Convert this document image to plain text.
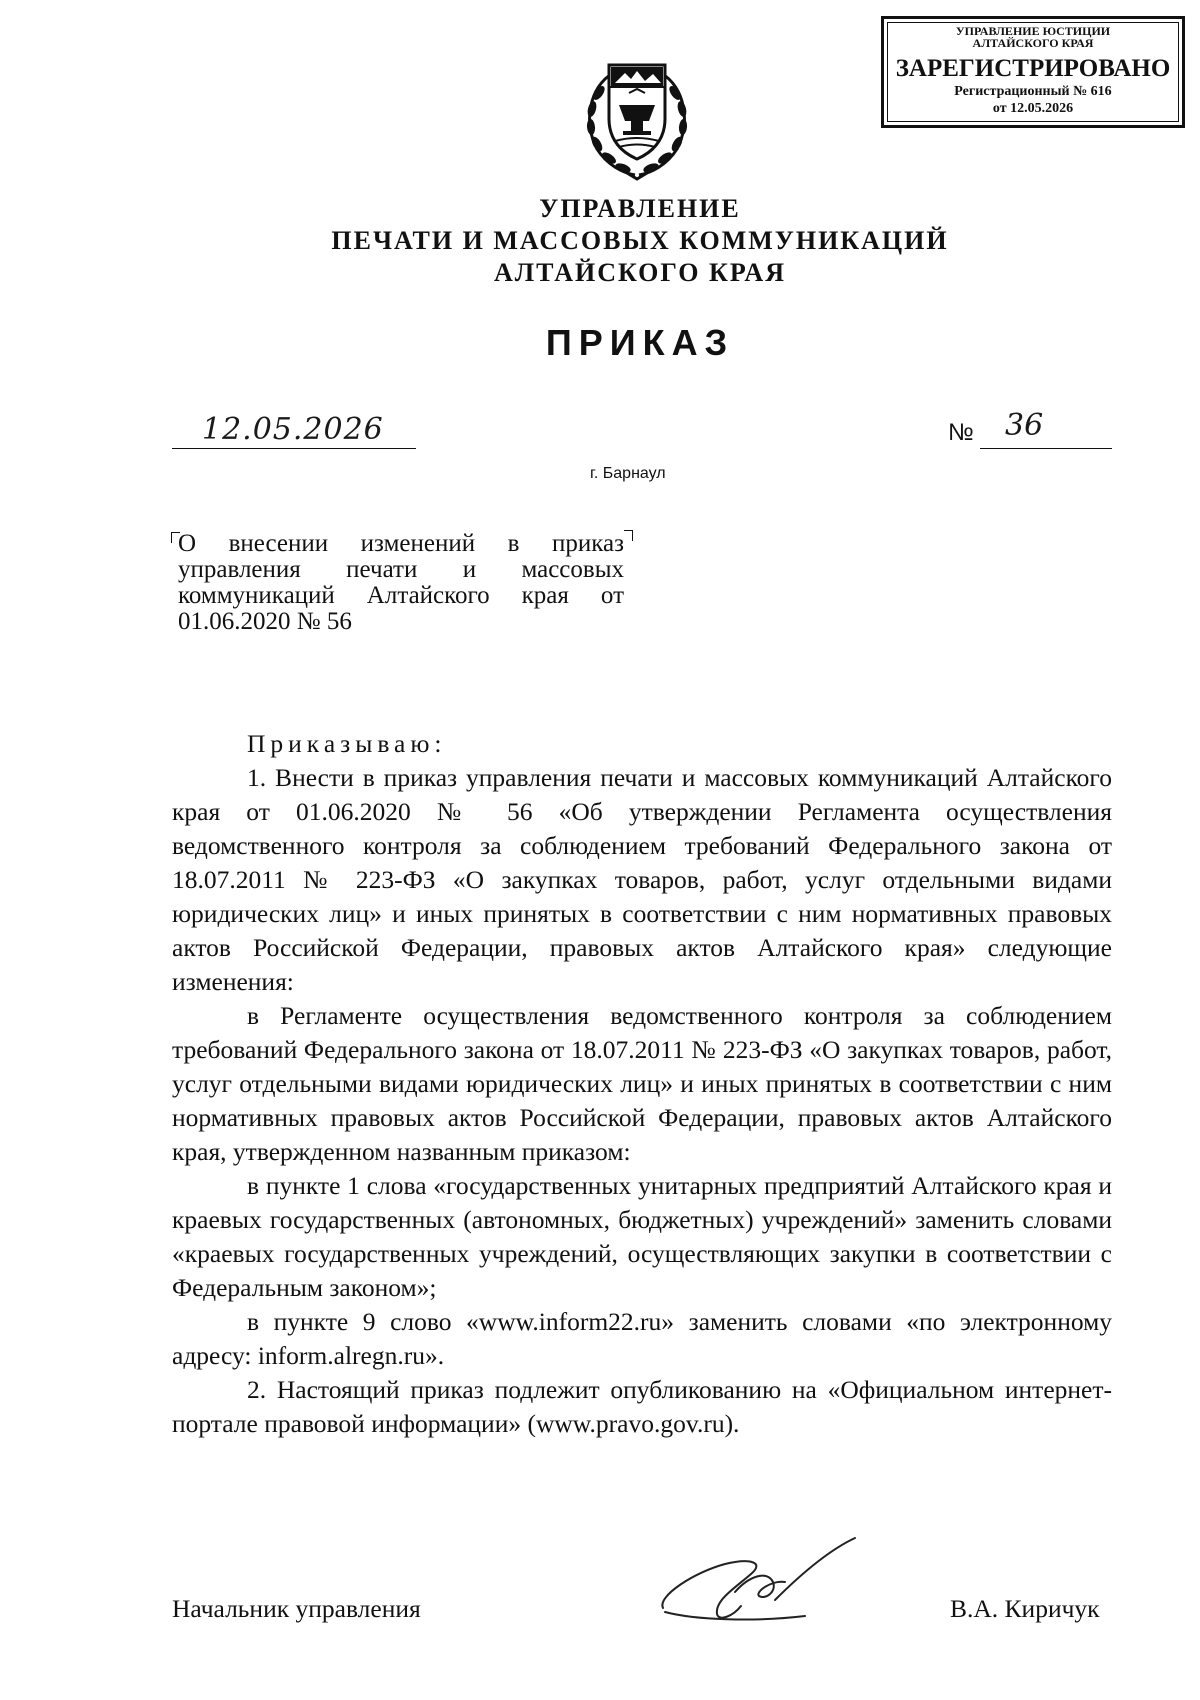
УПРАВЛЕНИЕ ЮСТИЦИИ АЛТАЙСКОГО КРАЯ
ЗАРЕГИСТРИРОВАНО
Регистрационный № 616
от 12.05.2026
УПРАВЛЕНИЕ
ПЕЧАТИ И МАССОВЫХ КОММУНИКАЦИЙ
АЛТАЙСКОГО КРАЯ
ПРИКАЗ
12.05.2026	№ 36
г. Барнаул
О внесении изменений в приказ управления печати и массовых коммуникаций Алтайского края от 01.06.2020 № 56

Приказываю:

1. Внести в приказ управления печати и массовых коммуникаций Алтайского края от 01.06.2020 № 56 «Об утверждении Регламента осуществления ведомственного контроля за соблюдением требований Федерального закона от 18.07.2011 № 223-ФЗ «О закупках товаров, работ, услуг отдельными видами юридических лиц» и иных принятых в соответствии с ним нормативных правовых актов Российской Федерации, правовых актов Алтайского края» следующие изменения:

в Регламенте осуществления ведомственного контроля за соблюдением требований Федерального закона от 18.07.2011 № 223-ФЗ «О закупках товаров, работ, услуг отдельными видами юридических лиц» и иных принятых в соответствии с ним нормативных правовых актов Российской Федерации, правовых актов Алтайского края, утвержденном названным приказом:

в пункте 1 слова «государственных унитарных предприятий Алтайского края и краевых государственных (автономных, бюджетных) учреждений» заменить словами «краевых государственных учреждений, осуществляющих закупки в соответствии с Федеральным законом»;

в пункте 9 слово «www.inform22.ru» заменить словами «по электронному адресу: inform.alregn.ru».

2. Настоящий приказ подлежит опубликованию на «Официальном интернет-портале правовой информации» (www.pravo.gov.ru).

Начальник управления	В.А. Киричук
